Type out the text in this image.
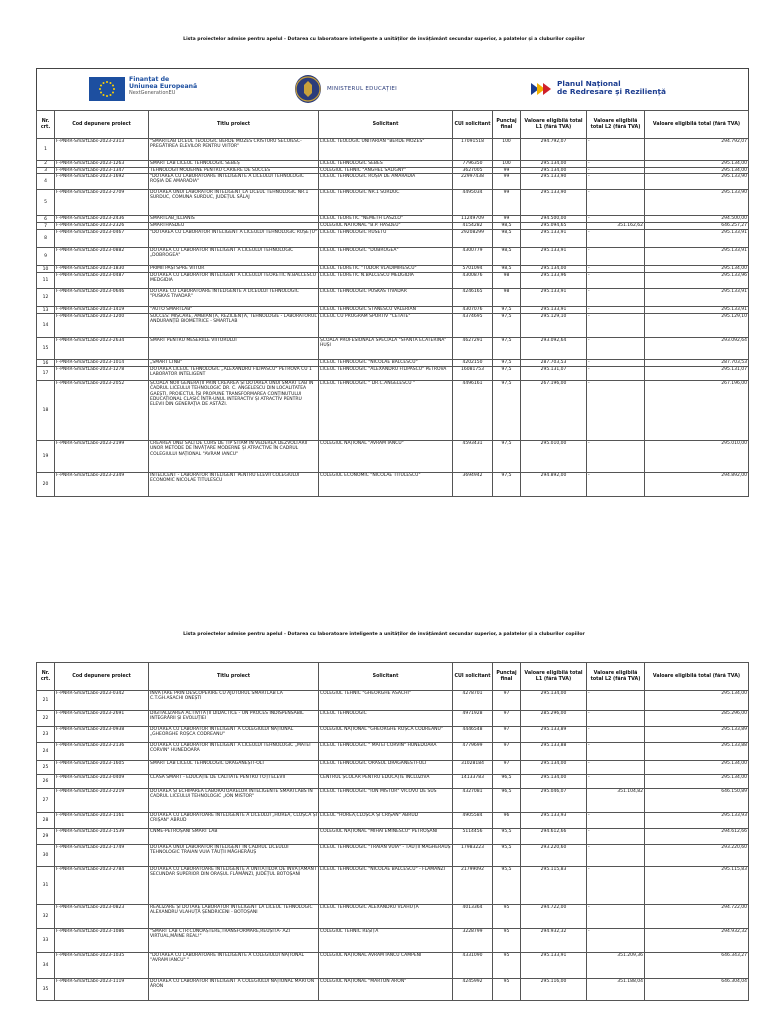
Lista proiectelor admise pentru apelul - Dotarea cu laboratoare inteligente a unităților de învățământ secundar superior, a palatelor și a cluburilor copiilor
Finanțat de
Uniunea Europeană
NextGenerationEU
MINISTERUL EDUCAȚIEI
Planul Național
de Redresare și Reziliență
Nr. crt.	Cod depunere proiect	Titlu proiect	Solicitant	CUI solicitant	Punctaj final	Valoare eligibilă total L1 (fără TVA)	Valoare eligibilă total L2 (fără TVA)	Valoare eligibilă total (fără TVA)
1	F-PNRR-SmartLabs-2023-2313	"SMARTLAB LICEUL TEOLOGIC BERDE MOZES CRISTURU SECUIESC-PREGĂTIREA ELEVILOR PENTRU VIITOR"	LICEUL TEOLOGIC UNITARIAN "BERDE MOZES"	17091518	100	294.792,07	-	294.792,07
2	F-PNRR-SmartLabs-2023-1263	SMART LAB LICEUL TEHNOLOGIC SEBEȘ	LICEUL TEHNOLOGIC SEBES	7796350	100	295.134,00	-	295.134,00
3	F-PNRR-SmartLabs-2023-1347	TEHNOLOGII MODERNE PENTRU CARIERE DE SUCCES	COLEGIUL TEHNIC "ANGHEL SALIGNY"	3627005	99	295.134,00	-	295.134,00
4	F-PNRR-SmartLabs-2023-1692	"DOTAREA CU LABORATOARE INTELIGENTE A LICEULUI TEHNOLOGIC ROȘIA DE AMARADIA"	LICEUL TEHNOLOGIC ROȘIA DE AMARADIA	22997438	99	295.133,90	-	295.133,90
5	F-PNRR-SmartLabs-2023-2709	DOTAREA UNUI LABORATOR INTELIGENT LA LICEUL TEHNOLOGIC NR.1 SURDUC, COMUNA SURDUC, JUDEȚUL SĂLAJ	LICEUL TEHNOLOGIC NR.1 SURDUC	4495034	99	295.133,90	-	295.133,90
6	F-PNRR-SmartLabs-2023-2436	SMARTLAB_ILLIANIS	LICEUL TEORETIC "NEMETH LASZLO"	11249709	99	294.500,00	-	294.500,00
7	F-PNRR-SmartLabs-2023-2326	SMARTHASDEU	COLEGIUL NATIONAL "B.P. HASDEU"	4154282	98,5	295.094,65	351.162,62	646.257,27
8	F-PNRR-SmartLabs-2023-0467	"DOTAREA CU LABORATOR INTELIGENT A LICEULUI TEHNOLOGIC RUȘEȚU"	LICEUL TEHNOLOGIC RUSETU	29208299	98,5	295.133,91	-	295.133,91
9	F-PNRR-SmartLabs-2023-0882	DOTAREA CU LABORATOR INTELIGENT A LICEULUI TEHNOLOGIC „DOBROGEA"	LICEUL TEHNOLOGIC "DOBROGEA"	4300779	98,5	295.133,91	-	295.133,91
10	F-PNRR-SmartLabs-2023-1830	PRIMII PAȘI SPRE VIITOR	LICEUL TEORETIC "TUDOR VLADIMIRESCU"	5701094	98,5	295.134,00	-	295.134,00
11	F-PNRR-SmartLabs-2023-0487	DOTAREA CU LABORATOR INTELIGENT A LICEULUI TEORETIC N.BĂLCESCU MEDGIDIA	LICEUL TEORETIC N.BALCESCU MEDGIDIA	4300876	98	295.133,96	-	295.133,96
12	F-PNRR-SmartLabs-2023-0646	DOTARE CU LABORATOARE INTELIGENTE A LICEULUI TEHNOLOGIC "PUSKAS TIVADAR"	LICEUL TEHNOLOGIC PUSKAS TIVADAR	4246165	98	295.133,91	-	295.133,91
13	F-PNRR-SmartLabs-2023-1419	"AUTO SMARTLAB"	LICEUL TEHNOLOGIC STĂNESCU VALERIAN	4307076	97,5	295.133,91	-	295.133,91
14	F-PNRR-SmartLabs-2023-1200	SUCCES: MIȘCARE, AMBIANȚĂ, REZILIENȚĂ, TEHNOLOGIE - LABORATORUL ANDURANȚEI BIOMETRICE - SMARTLAB	LICEUL CU PROGRAM SPORTIV "CETATE"	4374695	97,5	295.129,10	-	295.129,10
15	F-PNRR-SmartLabs-2023-2634	SMART PENTRU MESERIILE VIITORULUI	ȘCOALA PROFESIONALĂ SPECIALĂ "SFÂNTA ECATERINA" HUȘI	4627291	97,5	293.092,64	-	293.092,64
16	F-PNRR-SmartLabs-2023-1014	„SMART LTNB"	LICEUL TEHNOLOGIC "NICOLAE BALCESCU"	4202150	97,5	287.703,53	-	287.703,53
17	F-PNRR-SmartLabs-2023-1278	DOTAREA LICEUL TEHNOLOGIC „ALEXANDRU FILIPASCU" PETROVA CU 1 LABORATOR INTELIGENT	LICEUL TEHNOLOGIC "ALEXANDRU FILIPASCU" PETROVA	16081753	97,5	295.131,07	-	295.131,07
18	F-PNRR-SmartLabs-2023-2052	ȘCOALA NOII GENERAȚII PRIN CREAREA ȘI DOTAREA UNUI SMART LAB ÎN CADRUL LICEULUI TEHNOLOGIC DR. C. ANGELESCU DIN LOCALITATEA GAEȘTI, PROIECTUL ÎȘI PROPUNE TRANSFORMAREA CONȚINUTULUI EDUCAȚIONAL CLASIC ÎNTR-UNUL INTERACTIV ȘI ATRACTIV PENTRU ELEVII DIN GENERAȚIA DE ASTĂZI.	LICEUL TEHNOLOGIC " DR.C.ANGELESCU "	4496161	97,5	267.196,00	-	267.196,00
19	F-PNRR-SmartLabs-2023-2199	CREAREA UNEI SĂLI DE CURS DE TIP STIAM ÎN VEDEREA DEZVOLTĂRII UNOR METODE DE ÎNVĂȚARE MODERNE ȘI ATRACTIVE ÎN CADRUL COLEGIULUI NAȚIONAL "AVRAM IANCU"	COLEGIUL NAȚIONAL "AVRAM IANCU"	4593431	97,5	295.010,00	-	295.010,00
20	F-PNRR-SmartLabs-2023-2349	INTELICENT - LABORATOR INTELIGENT PENTRU ELEVII COLEGIULUI ECONOMIC NICOLAE TITULESCU	COLEGIUL ECONOMIC "NICOLAE TITULESCU"	3694942	97,5	294.892,00	-	294.892,00
Lista proiectelor admise pentru apelul - Dotarea cu laboratoare inteligente a unităților de învățământ secundar superior, a palatelor și a cluburilor copiilor
Nr. crt.	Cod depunere proiect	Titlu proiect	Solicitant	CUI solicitant	Punctaj final	Valoare eligibilă total L1 (fără TVA)	Valoare eligibilă total L2 (fără TVA)	Valoare eligibilă total (fără TVA)
21	F-PNRR-SmartLabs-2023-0342	ÎNVĂȚARE PRIN DESCOPERIRE CU AJUTORUL SMARTLAB LA C.T.GH.ASACHI ONEȘTI	COLEGIUL TEHNIC "GHEORGHE ASACHI"	4278701	97	295.134,00	-	295.134,00
22	F-PNRR-SmartLabs-2023-2691	DIGITALIZAREA ACTIVITĂȚII DIDACTICE - UN PROCES INDISPENSABIL INTEGRĂRII ȘI EVOLUȚIEI	LICEUL TEHNOLOGIC	4971928	97	285.296,00	-	285.296,00
23	F-PNRR-SmartLabs-2023-0938	DOTAREA CU LABORATOR INTELIGENT A COLEGIULUI NAȚIONAL „GHEORGHE ROȘCA CODREANU"	COLEGIUL NAȚIONAL "GHEORGHE ROȘCA CODREANU"	4446548	97	295.133,89	-	295.133,89
24	F-PNRR-SmartLabs-2023-2136	DOTAREA CU LABORATOR INTELIGENT A LICEULUI TEHNOLOGIC „MATEI CORVIN" HUNEDOARA	LICEUL TEHNOLOGIC " MATEI CORVIN" HUNEDOARA	4779699	97	295.133,88	-	295.133,88
25	F-PNRR-SmartLabs-2023-1605	SMART LAB LICEUL TEHNOLOGIC DRĂGĂNEȘTI-OLT	LICEUL TEHNOLOGIC ORASUL DRAGANESTI-OLT	31028184	97	295.134,00	-	295.134,00
26	F-PNRR-SmartLabs-2023-0409	CLASA SMART - EDUCAȚIE DE CALITATE PENTRU TOȚI ELEVII	CENTRUL ȘCOLAR PENTRU EDUCAȚIE INCLUZIVĂ	14133783	96,5	295.134,00	-	295.134,00
27	F-PNRR-SmartLabs-2023-2219	DOTAREA ȘI ECHIPAREA LABORATOARELOR INTELIGENTE SMARTLABS ÎN CADRUL LICEULUI TEHNOLOGIC „ION MISTOR"	LICEUL TEHNOLOGIC "ION MISTOR" VICOVU DE SUS	4327081	96,5	295.046,07	351.104,82	646.150,89
28	F-PNRR-SmartLabs-2023-1161	DOTAREA CU LABORATOARE INTELIGENTE A LICEULUI „HOREA, CLOȘCA ȘI CRIȘAN" ABRUD	LICEUL "HOREA,CLOȘCA ȘI CRIȘAN" ABRUD	4905584	96	295.133,93	-	295.133,93
29	F-PNRR-SmartLabs-2023-1539	CNME-PETROȘANI SMART LAB	COLEGIUL NAȚIONAL "MIHAI EMINESCU" PETROȘANI	5114456	95,5	294.612,66	-	294.612,66
30	F-PNRR-SmartLabs-2023-1749	DOTAREA UNUI LABORATOR INTELIGENT ÎN CADRUL LICEULUI TEHNOLOGIC TRAIAN VUIA TĂUȚII MĂGHERĂUȘ	LICEUL TEHNOLOGIC "TRAIAN VUIA" - TĂUȚII MĂGHERĂUȘ	17983223	95,5	293.220,60	-	293.220,60
31	F-PNRR-SmartLabs-2023-2784	DOTAREA CU LABORATOARE INTELIGENTE A UNITĂȚILOR DE ÎNVĂȚĂMÂNT SECUNDAR SUPERIOR DIN ORAȘUL FLĂMÂNZI, JUDEȚUL BOTOȘANI	LICEUL TEHNOLOGIC "NICOLAE BĂLCESCU" - FLĂMÂNZI	21799092	95,5	295.115,83	-	295.115,83
32	F-PNRR-SmartLabs-2023-0823	REALIZARE ȘI DOTARE LABORATOR INTELIGENT LA LICEUL TEHNOLOGIC ALEXANDRU VLAHUȚĂ ȘENDRICENI - BOTOȘANI	LICEUL TEHNOLOGIC ALEXANDRU VLAHUȚĂ	4013364	95	294.722,00	-	294.722,00
33	F-PNRR-SmartLabs-2023-1086	"SMART LAB CTR:CUNOAȘTERE,TRANSFORMARE,REUȘITĂ- AZI VIRTUAL,MÂINE REAL!"	COLEGIUL TEHNIC REȘIȚA	3228799	95	294.932,32	-	294.932,32
34	F-PNRR-SmartLabs-2023-1035	"DOTAREA CU LABORATOARE INTELIGENTE A COLEGIULUI NAȚIONAL "AVRAM IANCU" "	COLEGIUL NAȚIONAL AVRAM IANCU CÂMPENI	4331090	95	295.133,91	351.209,36	646.343,27
35	F-PNRR-SmartLabs-2023-1119	DOTAREA CU LABORATOR INTELIGENT A COLEGIULUI NAȚIONAL MARTON ÁRON	COLEGIUL NAȚIONAL "MARTON ARON"	4245992	95	295.116,00	351.188,04	646.304,04
